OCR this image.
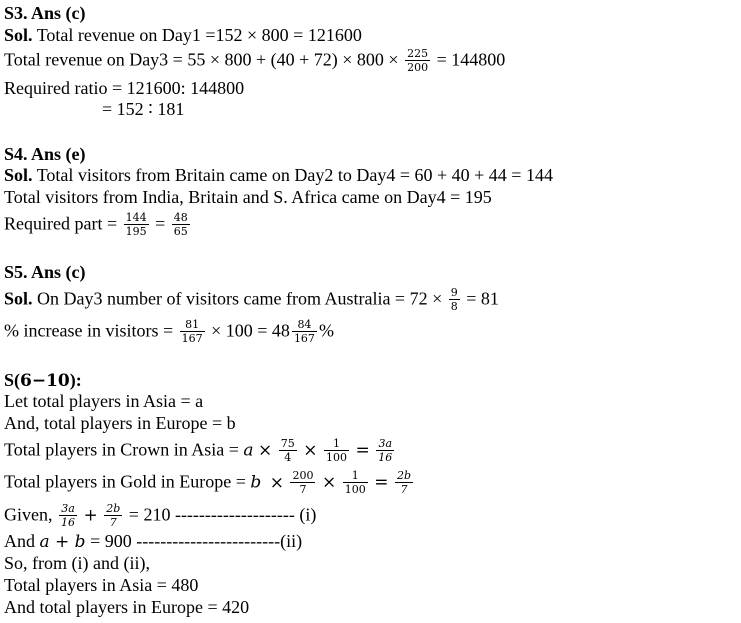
S3. Ans (c)
Sol. Total revenue on Day1 =152 × 800 = 121600
Total revenue on $Day3 = 55 \times 800 + (40 + 72) \times 800 \times \frac{225}{200} = 144800$
Required ratio = 121600: 144800
= 152 ∶ 181
S4. Ans (e)
Sol. Total visitors from Britain came on Day2 to Day4 = 60 + 40 + 44 = 144
Total visitors from India, Britain and S. Africa came on Day4 = 195
Required part = $\frac{144}{195} = \frac{48}{65}$
S5. Ans (c)
Sol. On Day3 number of visitors came from Australia = $72 \times \frac{9}{8} = 81$
% increase in visitors = $\frac{81}{167} \times 100 = 48 \frac{84}{167}$ %
S(6−10):
Let total players in Asia = a
And, total players in Europe = b
Total players in Crown in Asia = $a \times \frac{75}{4} \times \frac{1}{100} = \frac{3a}{16}$
Total players in Gold in Europe = $b \times \frac{200}{7} \times \frac{1}{100} = \frac{2b}{7}$
Given, $\frac{3a}{16} + \frac{2b}{7} = 210$ -------------------- (i)
And a + b = 900 ------------------------(ii)
So, from (i) and (ii),
Total players in Asia = 480
And total players in Europe = 420
